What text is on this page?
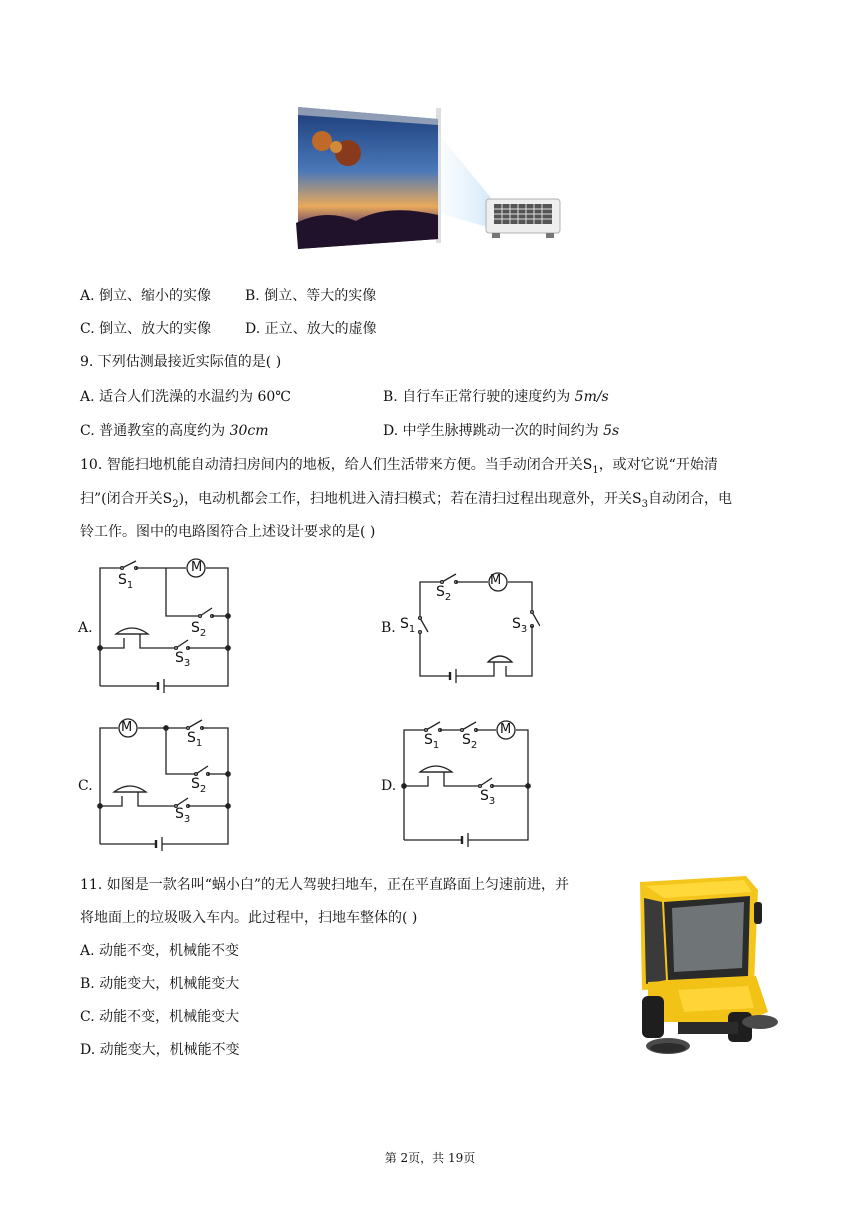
A. 倒立、缩小的实像 B. 倒立、等大的实像
C. 倒立、放大的实像 D. 正立、放大的虚像
9. 下列估测最接近实际值的是( )
A. 适合人们洗澡的水温约为 60℃	B. 自行车正常行驶的速度约为 5m/s
C. 普通教室的高度约为 30cm	D. 中学生脉搏跳动一次的时间约为 5s
10. 智能扫地机能自动清扫房间内的地板，给人们生活带来方便。当手动闭合开关$S_1$，或对它说“开始清
扫”(闭合开关$S_2$)，电动机都会工作，扫地机进入清扫模式；若在清扫过程出现意外，开关$S_3$自动闭合，电
铃工作。图中的电路图符合上述设计要求的是( )
A.	B.
C.	D.
M
$S_1$
$S_2$
$S_3$
M
$S_2$
$S_1$	$S_3$
M
$S_1$
$S_2$
$S_3$
M
$S_1$ $S_2$
$S_3$
11. 如图是一款名叫“蜗小白”的无人驾驶扫地车，正在平直路面上匀速前进，并
将地面上的垃圾吸入车内。此过程中，扫地车整体的( )
A. 动能不变，机械能不变
B. 动能变大，机械能变大
C. 动能不变，机械能变大
D. 动能变大，机械能不变
第 2页，共 19页
